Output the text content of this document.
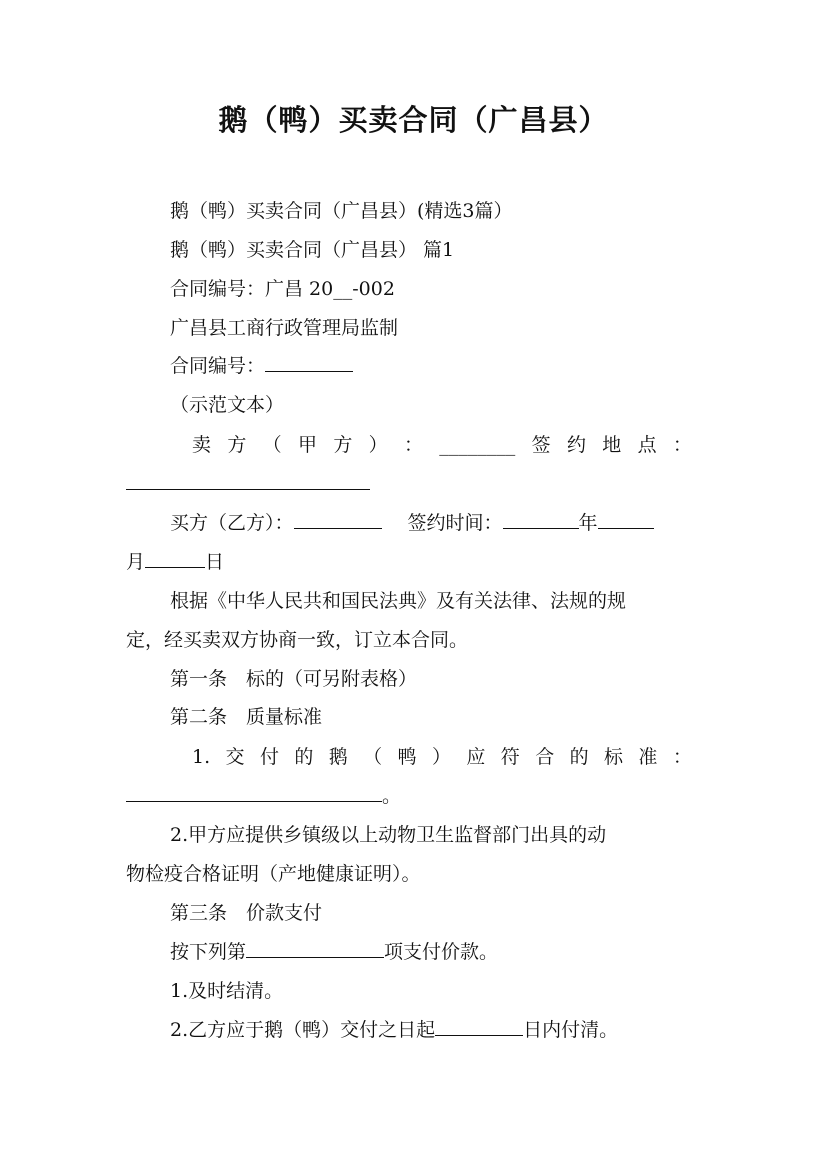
鹅（鸭）买卖合同（广昌县）
鹅（鸭）买卖合同（广昌县）(精选3篇）
鹅（鸭）买卖合同（广昌县） 篇1
合同编号：广昌 20__-002
广昌县工商行政管理局监制
合同编号：
（示范文本）
卖 方 （ 甲 方 ） ： ________ 签 约 地 点 ：
买方（乙方）：	签约时间：	年
月	日
根据《中华人民共和国民法典》及有关法律、法规的规
定，经买卖双方协商一致，订立本合同。
第一条　标的（可另附表格）
第二条　质量标准
1. 交 付 的 鹅 （ 鸭 ） 应 符 合 的 标 准 ：
。
2.甲方应提供乡镇级以上动物卫生监督部门出具的动
物检疫合格证明（产地健康证明）。
第三条　价款支付
按下列第	项支付价款。
1.及时结清。
2.乙方应于鹅（鸭）交付之日起	日内付清。
